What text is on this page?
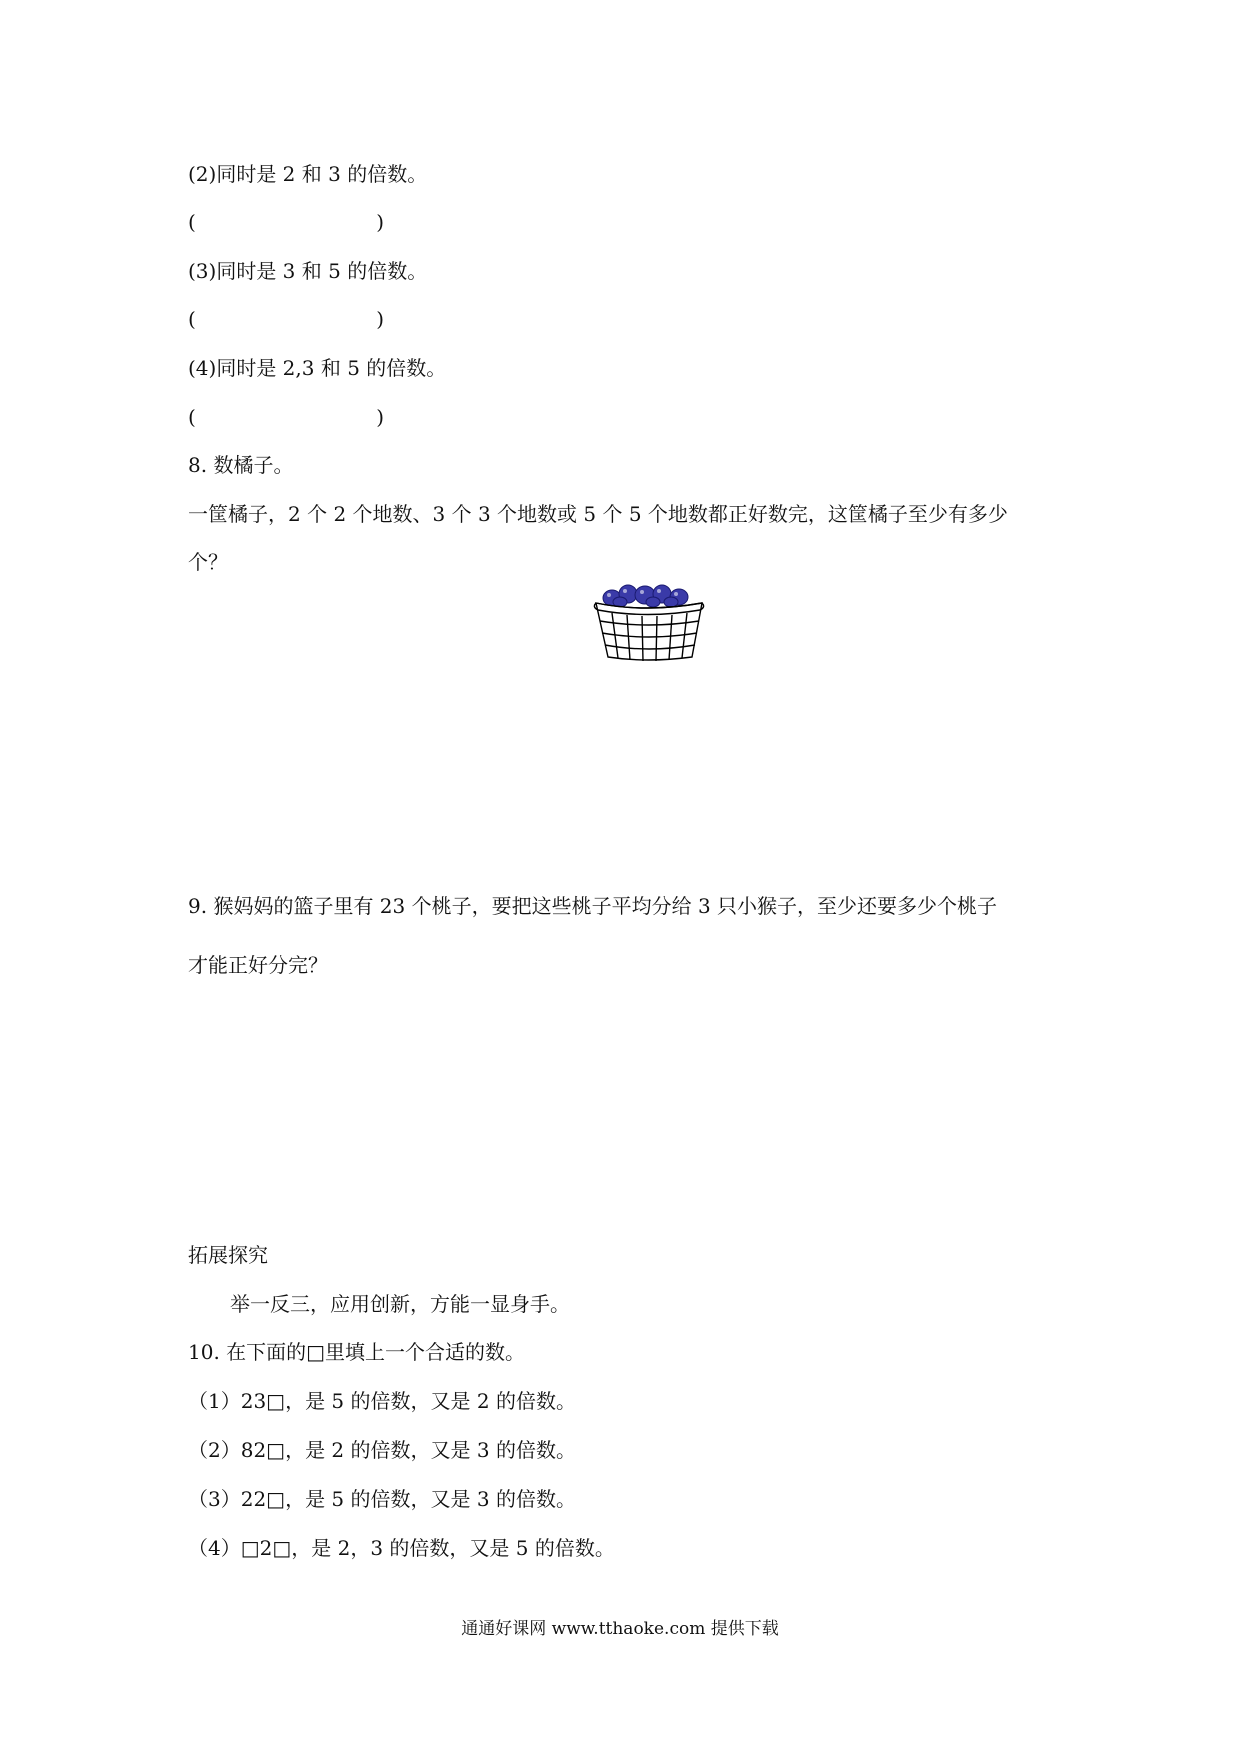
(2)同时是 2 和 3 的倍数。
(	)
(3)同时是 3 和 5 的倍数。
(	)
(4)同时是 2,3 和 5 的倍数。
(	)
8. 数橘子。
一筐橘子，2 个 2 个地数、3 个 3 个地数或 5 个 5 个地数都正好数完，这筐橘子至少有多少
个？
9. 猴妈妈的篮子里有 23 个桃子，要把这些桃子平均分给 3 只小猴子，至少还要多少个桃子
才能正好分完？
拓展探究
举一反三，应用创新，方能一显身手。
10. 在下面的□里填上一个合适的数。
（1）23□，是 5 的倍数，又是 2 的倍数。
（2）82□，是 2 的倍数，又是 3 的倍数。
（3）22□，是 5 的倍数，又是 3 的倍数。
（4）□2□，是 2，3 的倍数，又是 5 的倍数。
通通好课网 www.tthaoke.com 提供下载
